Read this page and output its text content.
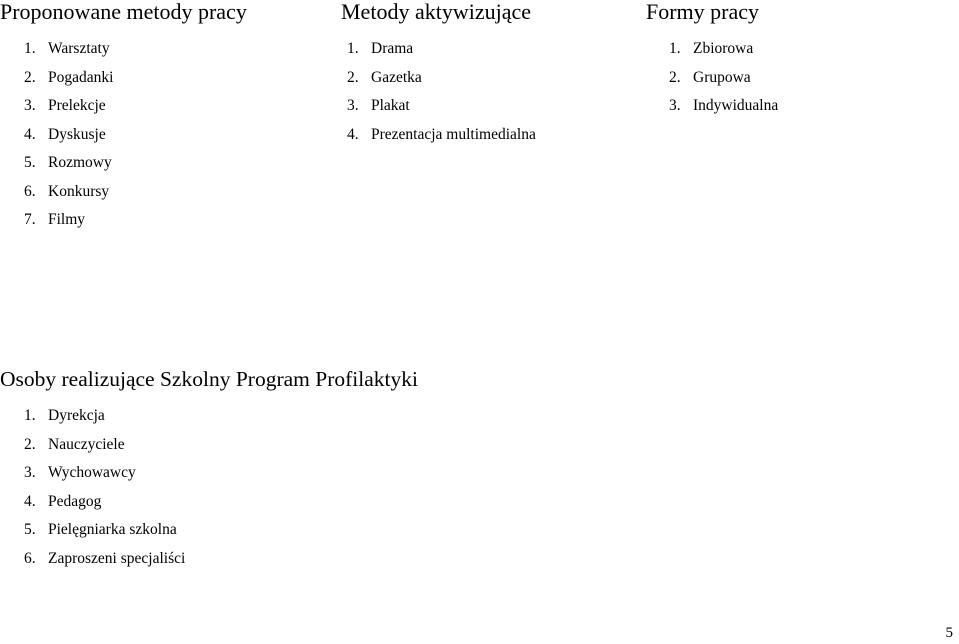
Proponowane metody pracy
1. Warsztaty

2. Pogadanki

3. Prelekcje

4. Dyskusje

5. Rozmowy

6. Konkursy

7. Filmy

Metody aktywizujące
1. Drama

2. Gazetka

3. Plakat

4. Prezentacja multimedialna

Formy pracy
1. Zbiorowa

2. Grupowa

3. Indywidualna

Osoby realizujące Szkolny Program Profilaktyki
1. Dyrekcja

2. Nauczyciele

3. Wychowawcy

4. Pedagog

5. Pielęgniarka szkolna

6. Zaproszeni specjaliści

5
